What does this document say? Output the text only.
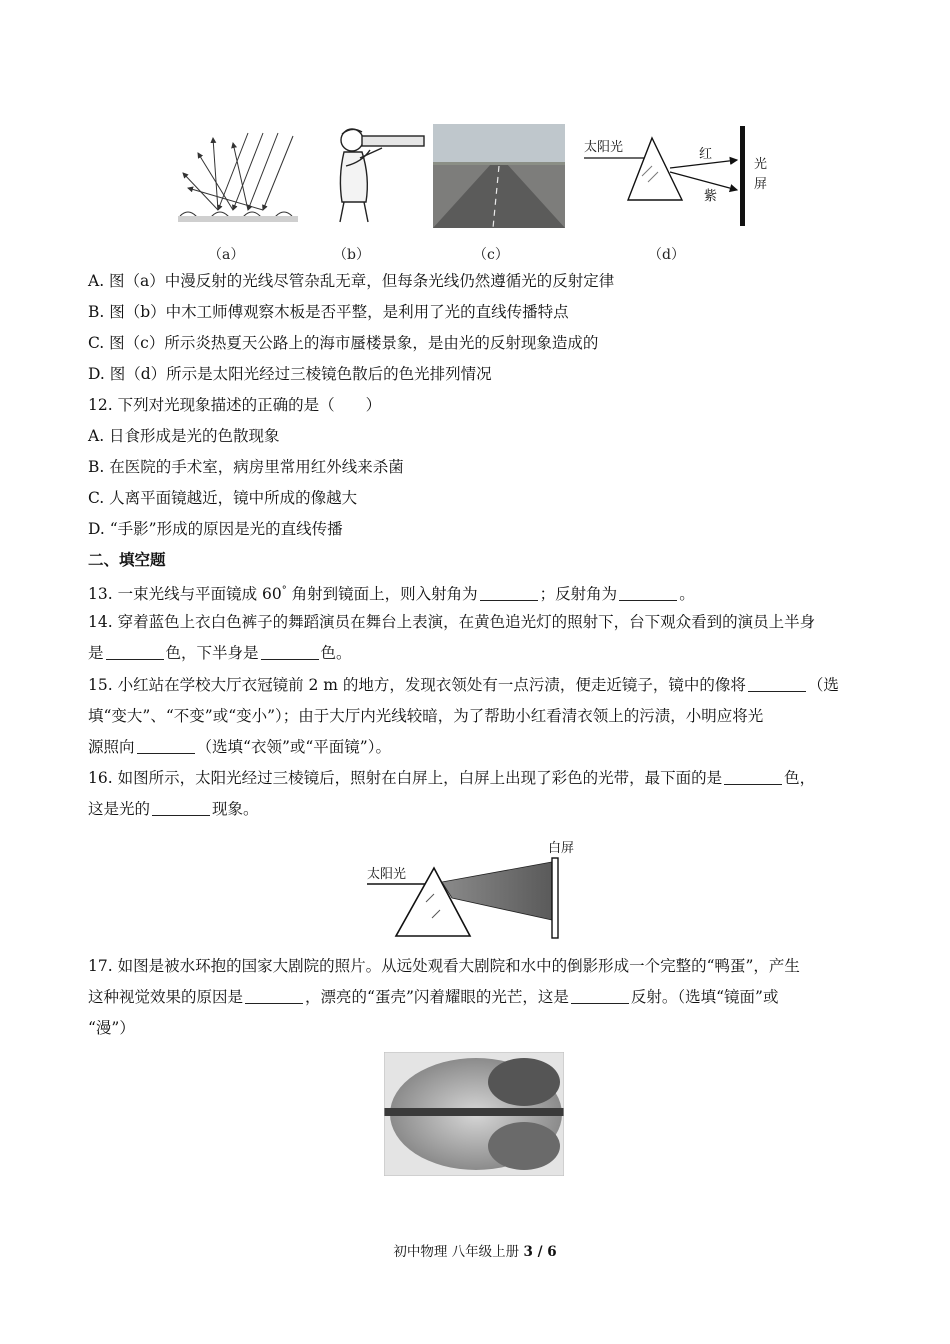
太阳光	红
紫
光
屏
（a）	（b）	（c）	（d）
A. 图（a）中漫反射的光线尽管杂乱无章，但每条光线仍然遵循光的反射定律
B. 图（b）中木工师傅观察木板是否平整，是利用了光的直线传播特点
C. 图（c）所示炎热夏天公路上的海市蜃楼景象，是由光的反射现象造成的
D. 图（d）所示是太阳光经过三棱镜色散后的色光排列情况
12. 下列对光现象描述的正确的是（　　）
A. 日食形成是光的色散现象
B. 在医院的手术室，病房里常用红外线来杀菌
C. 人离平面镜越近，镜中所成的像越大
D. “手影”形成的原因是光的直线传播
二、填空题
13. 一束光线与平面镜成 60° 角射到镜面上，则入射角为	；反射角为	。
14. 穿着蓝色上衣白色裤子的舞蹈演员在舞台上表演，在黄色追光灯的照射下，台下观众看到的演员上半身
是	色，下半身是	色。
15. 小红站在学校大厅衣冠镜前 2 m 的地方，发现衣领处有一点污渍，便走近镜子，镜中的像将	（选
填“变大”、“不变”或“变小”）；由于大厅内光线较暗，为了帮助小红看清衣领上的污渍，小明应将光
源照向	（选填“衣领”或“平面镜”）。
16. 如图所示，太阳光经过三棱镜后，照射在白屏上，白屏上出现了彩色的光带，最下面的是	色，
这是光的	现象。
太阳光
白屏
17. 如图是被水环抱的国家大剧院的照片。从远处观看大剧院和水中的倒影形成一个完整的“鸭蛋”，产生
这种视觉效果的原因是	，漂亮的“蛋壳”闪着耀眼的光芒，这是	反射。（选填“镜面”或
“漫”）
初中物理 八年级上册 3 / 6
